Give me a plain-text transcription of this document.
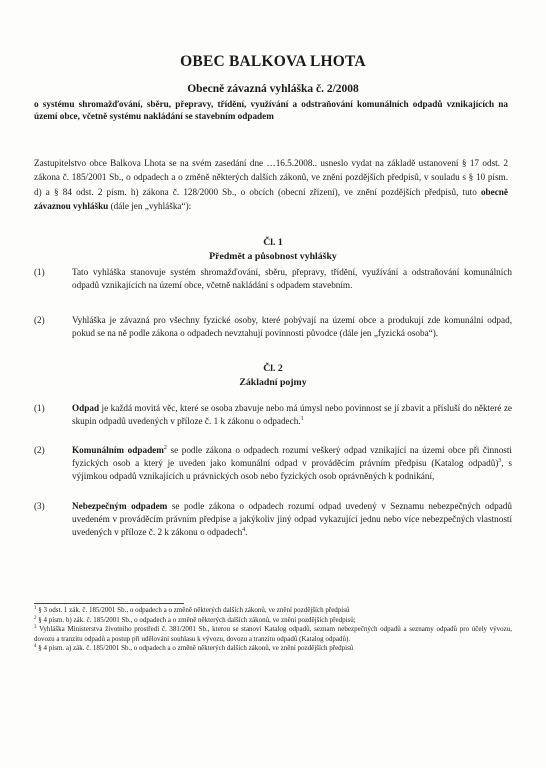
OBEC BALKOVA LHOTA
Obecně závazná vyhláška č. 2/2008
o systému shromažďování, sběru, přepravy, třídění, využívání a odstraňování komunálních odpadů vznikajících na území obce, včetně systému nakládání se stavebním odpadem
Zastupitelstvo obce Balkova Lhota se na svém zasedání dne …16.5.2008.. usneslo vydat na základě ustanovení § 17 odst. 2 zákona č. 185/2001 Sb., o odpadech a o změně některých dalších zákonů, ve znění pozdějších předpisů, v souladu s § 10 písm. d) a § 84 odst. 2 písm. h) zákona č. 128/2000 Sb., o obcích (obecní zřízení), ve znění pozdějších předpisů, tuto obecně závaznou vyhlášku (dále jen „vyhláška“):
Čl. 1
Předmět a působnost vyhlášky
(1)	Tato vyhláška stanovuje systém shromažďování, sběru, přepravy, třídění, využívání a odstraňování komunálních odpadů vznikajících na území obce, včetně nakládání s odpadem stavebním.
(2)	Vyhláška je závazná pro všechny fyzické osoby, které pobývají na území obce a produkují zde komunální odpad, pokud se na ně podle zákona o odpadech nevztahují povinnosti původce (dále jen „fyzická osoba“).
Čl. 2
Základní pojmy
(1)	Odpad je každá movitá věc, které se osoba zbavuje nebo má úmysl nebo povinnost se jí zbavit a přísluší do některé ze skupin odpadů uvedených v příloze č. 1 k zákonu o odpadech.$^1$
(2)	Komunálním odpadem$^2$ se podle zákona o odpadech rozumí veškerý odpad vznikající na území obce při činnosti fyzických osob a který je uveden jako komunální odpad v prováděcím právním předpisu (Katalog odpadů)$^3$, s výjimkou odpadů vznikajících u právnických osob nebo fyzických osob oprávněných k podnikání,
(3)	Nebezpečným odpadem se podle zákona o odpadech rozumí odpad uvedený v Seznamu nebezpečných odpadů uvedeném v prováděcím právním předpise a jakýkoliv jiný odpad vykazující jednu nebo více nebezpečných vlastností uvedených v příloze č. 2 k zákonu o odpadech$^4$.
$^1$ § 3 odst. 1 zák. č. 185/2001 Sb., o odpadech a o změně některých dalších zákonů, ve znění pozdějších předpisů
$^2$ § 4 písm. b) zák. č. 185/2001 Sb., o odpadech a o změně některých dalších zákonů, ve znění pozdějších předpisů;
$^3$ Vyhláška Ministerstva životního prostředí č. 381/2001 Sb., kterou se stanoví Katalog odpadů, seznam nebezpečných odpadů a seznamy odpadů pro účely vývozu, dovozu a tranzitu odpadů a postup při udělování souhlasu k vývozu, dovozu a tranzitu odpadů (Katalog odpadů).
$^4$ § 4 písm. a) zák. č. 185/2001 Sb., o odpadech a o změně některých dalších zákonů, ve znění pozdějších předpisů
